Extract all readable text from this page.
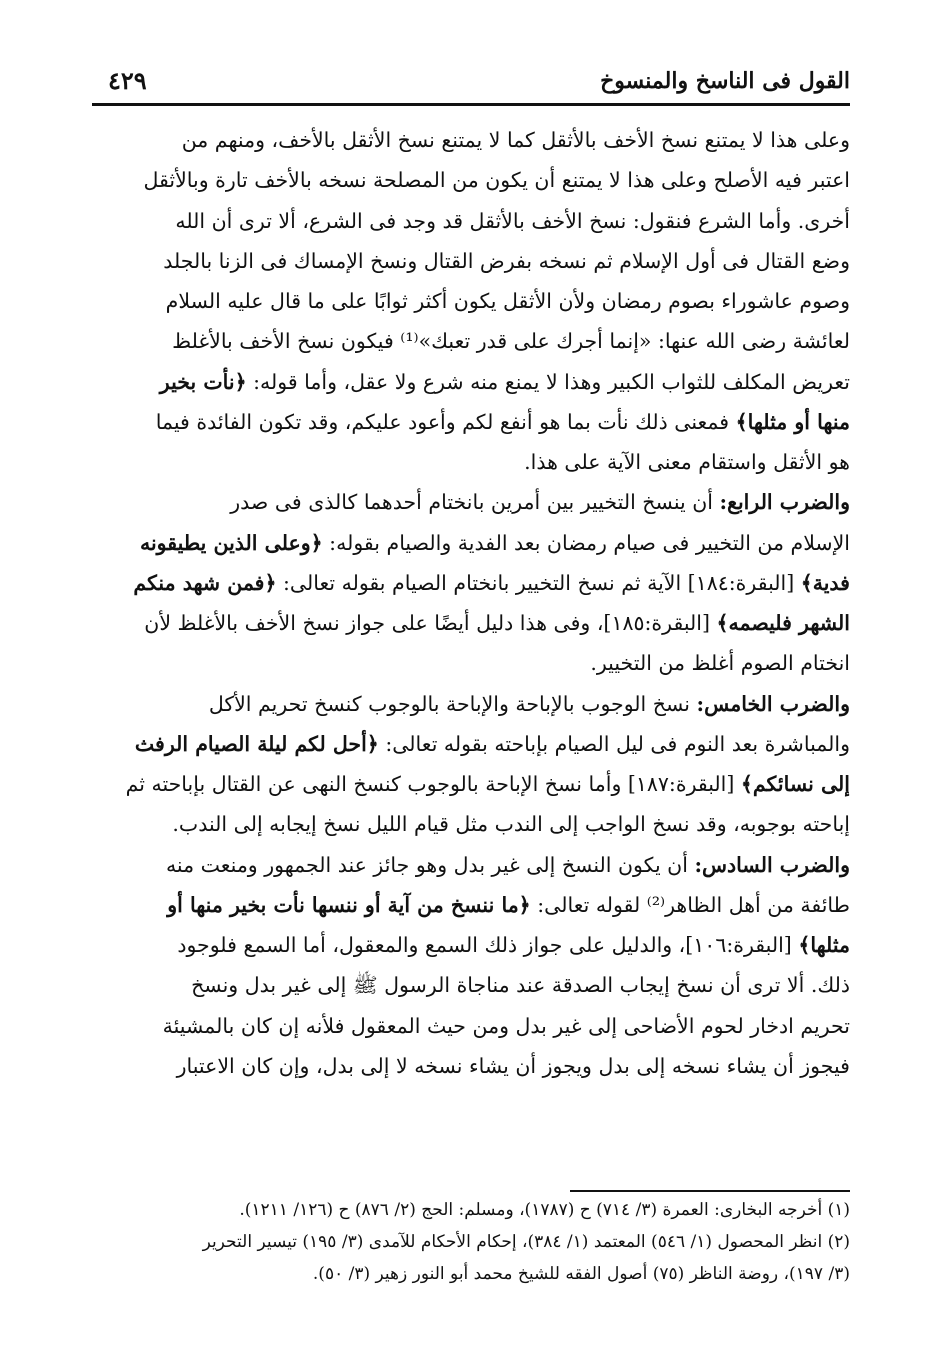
القول فى الناسخ والمنسوخ
٤٢٩
وعلى هذا لا يمتنع نسخ الأخف بالأثقل كما لا يمتنع نسخ الأثقل بالأخف، ومنهم من
اعتبر فيه الأصلح وعلى هذا لا يمتنع أن يكون من المصلحة نسخه بالأخف تارة وبالأثقل
أخرى. وأما الشرع فنقول: نسخ الأخف بالأثقل قد وجد فى الشرع، ألا ترى أن الله
وضع القتال فى أول الإسلام ثم نسخه بفرض القتال ونسخ الإمساك فى الزنا بالجلد
وصوم عاشوراء بصوم رمضان ولأن الأثقل يكون أكثر ثوابًا على ما قال عليه السلام
لعائشة رضى الله عنها: «إنما أجرك على قدر تعبك»⁽¹⁾ فيكون نسخ الأخف بالأغلظ
تعريض المكلف للثواب الكبير وهذا لا يمنع منه شرع ولا عقل، وأما قوله: ﴿نأت بخير
منها أو مثلها﴾ فمعنى ذلك نأت بما هو أنفع لكم وأعود عليكم، وقد تكون الفائدة فيما
هو الأثقل واستقام معنى الآية على هذا.
والضرب الرابع: أن ينسخ التخيير بين أمرين بانختام أحدهما كالذى فى صدر
الإسلام من التخيير فى صيام رمضان بعد الفدية والصيام بقوله: ﴿وعلى الذين يطيقونه
فدية﴾ [البقرة:١٨٤] الآية ثم نسخ التخيير بانختام الصيام بقوله تعالى: ﴿فمن شهد منكم
الشهر فليصمه﴾ [البقرة:١٨٥]، وفى هذا دليل أيضًا على جواز نسخ الأخف بالأغلظ لأن
انختام الصوم أغلظ من التخيير.
والضرب الخامس: نسخ الوجوب بالإباحة والإباحة بالوجوب كنسخ تحريم الأكل
والمباشرة بعد النوم فى ليل الصيام بإباحته بقوله تعالى: ﴿أحل لكم ليلة الصيام الرفث
إلى نسائكم﴾ [البقرة:١٨٧] وأما نسخ الإباحة بالوجوب كنسخ النهى عن القتال بإباحته ثم
إباحته بوجوبه، وقد نسخ الواجب إلى الندب مثل قيام الليل نسخ إيجابه إلى الندب.
والضرب السادس: أن يكون النسخ إلى غير بدل وهو جائز عند الجمهور ومنعت منه
طائفة من أهل الظاهر⁽²⁾ لقوله تعالى: ﴿ما ننسخ من آية أو ننسها نأت بخير منها أو
مثلها﴾ [البقرة:١٠٦]، والدليل على جواز ذلك السمع والمعقول، أما السمع فلوجود
ذلك. ألا ترى أن نسخ إيجاب الصدقة عند مناجاة الرسول ﷺ إلى غير بدل ونسخ
تحريم ادخار لحوم الأضاحى إلى غير بدل ومن حيث المعقول فلأنه إن كان بالمشيئة
فيجوز أن يشاء نسخه إلى بدل ويجوز أن يشاء نسخه لا إلى بدل، وإن كان الاعتبار
(١) أخرجه البخارى: العمرة (٣/ ٧١٤) ح (١٧٨٧)، ومسلم: الحج (٢/ ٨٧٦) ح (١٢٦/ ١٢١١).
(٢) انظر المحصول (١/ ٥٤٦) المعتمد (١/ ٣٨٤)، إحكام الأحكام للآمدى (٣/ ١٩٥) تيسير التحرير
(٣/ ١٩٧)، روضة الناظر (٧٥) أصول الفقه للشيخ محمد أبو النور زهير (٣/ ٥٠).
